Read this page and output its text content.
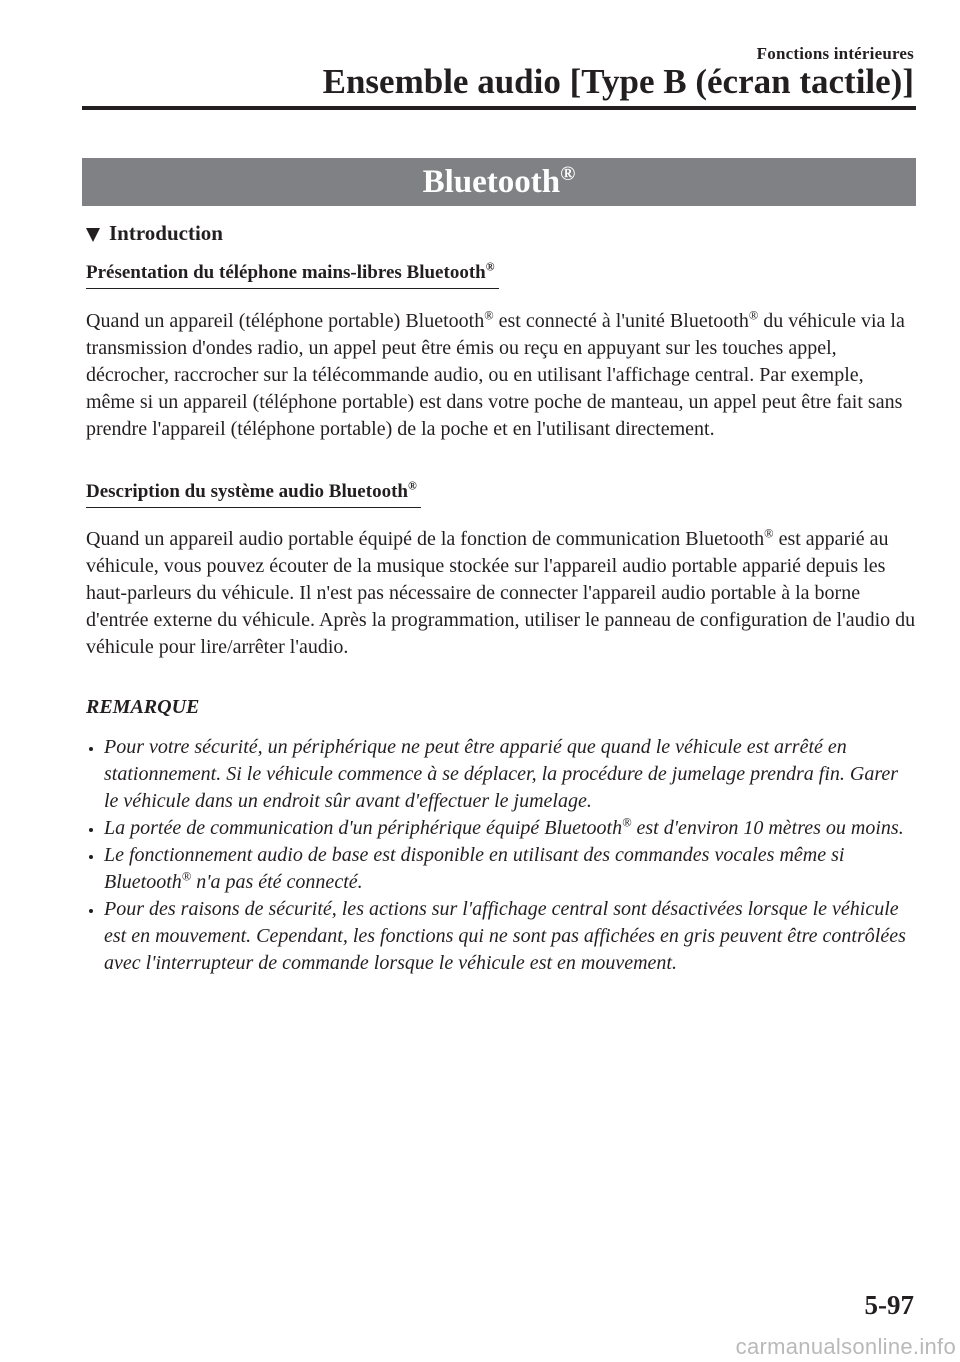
Fonctions intérieures
Ensemble audio [Type B (écran tactile)]
Bluetooth®
Introduction
Présentation du téléphone mains-libres Bluetooth®

Quand un appareil (téléphone portable) Bluetooth® est connecté à l'unité Bluetooth® du véhicule via la transmission d'ondes radio, un appel peut être émis ou reçu en appuyant sur les touches appel, décrocher, raccrocher sur la télécommande audio, ou en utilisant l'affichage central. Par exemple, même si un appareil (téléphone portable) est dans votre poche de manteau, un appel peut être fait sans prendre l'appareil (téléphone portable) de la poche et en l'utilisant directement.

Description du système audio Bluetooth®

Quand un appareil audio portable équipé de la fonction de communication Bluetooth® est apparié au véhicule, vous pouvez écouter de la musique stockée sur l'appareil audio portable apparié depuis les haut-parleurs du véhicule. Il n'est pas nécessaire de connecter l'appareil audio portable à la borne d'entrée externe du véhicule. Après la programmation, utiliser le panneau de configuration de l'audio du véhicule pour lire/arrêter l'audio.

REMARQUE
Pour votre sécurité, un périphérique ne peut être apparié que quand le véhicule est arrêté en stationnement. Si le véhicule commence à se déplacer, la procédure de jumelage prendra fin. Garer le véhicule dans un endroit sûr avant d'effectuer le jumelage.
La portée de communication d'un périphérique équipé Bluetooth® est d'environ 10 mètres ou moins.
Le fonctionnement audio de base est disponible en utilisant des commandes vocales même si Bluetooth® n'a pas été connecté.
Pour des raisons de sécurité, les actions sur l'affichage central sont désactivées lorsque le véhicule est en mouvement. Cependant, les fonctions qui ne sont pas affichées en gris peuvent être contrôlées avec l'interrupteur de commande lorsque le véhicule est en mouvement.
5-97
carmanualsonline.info
